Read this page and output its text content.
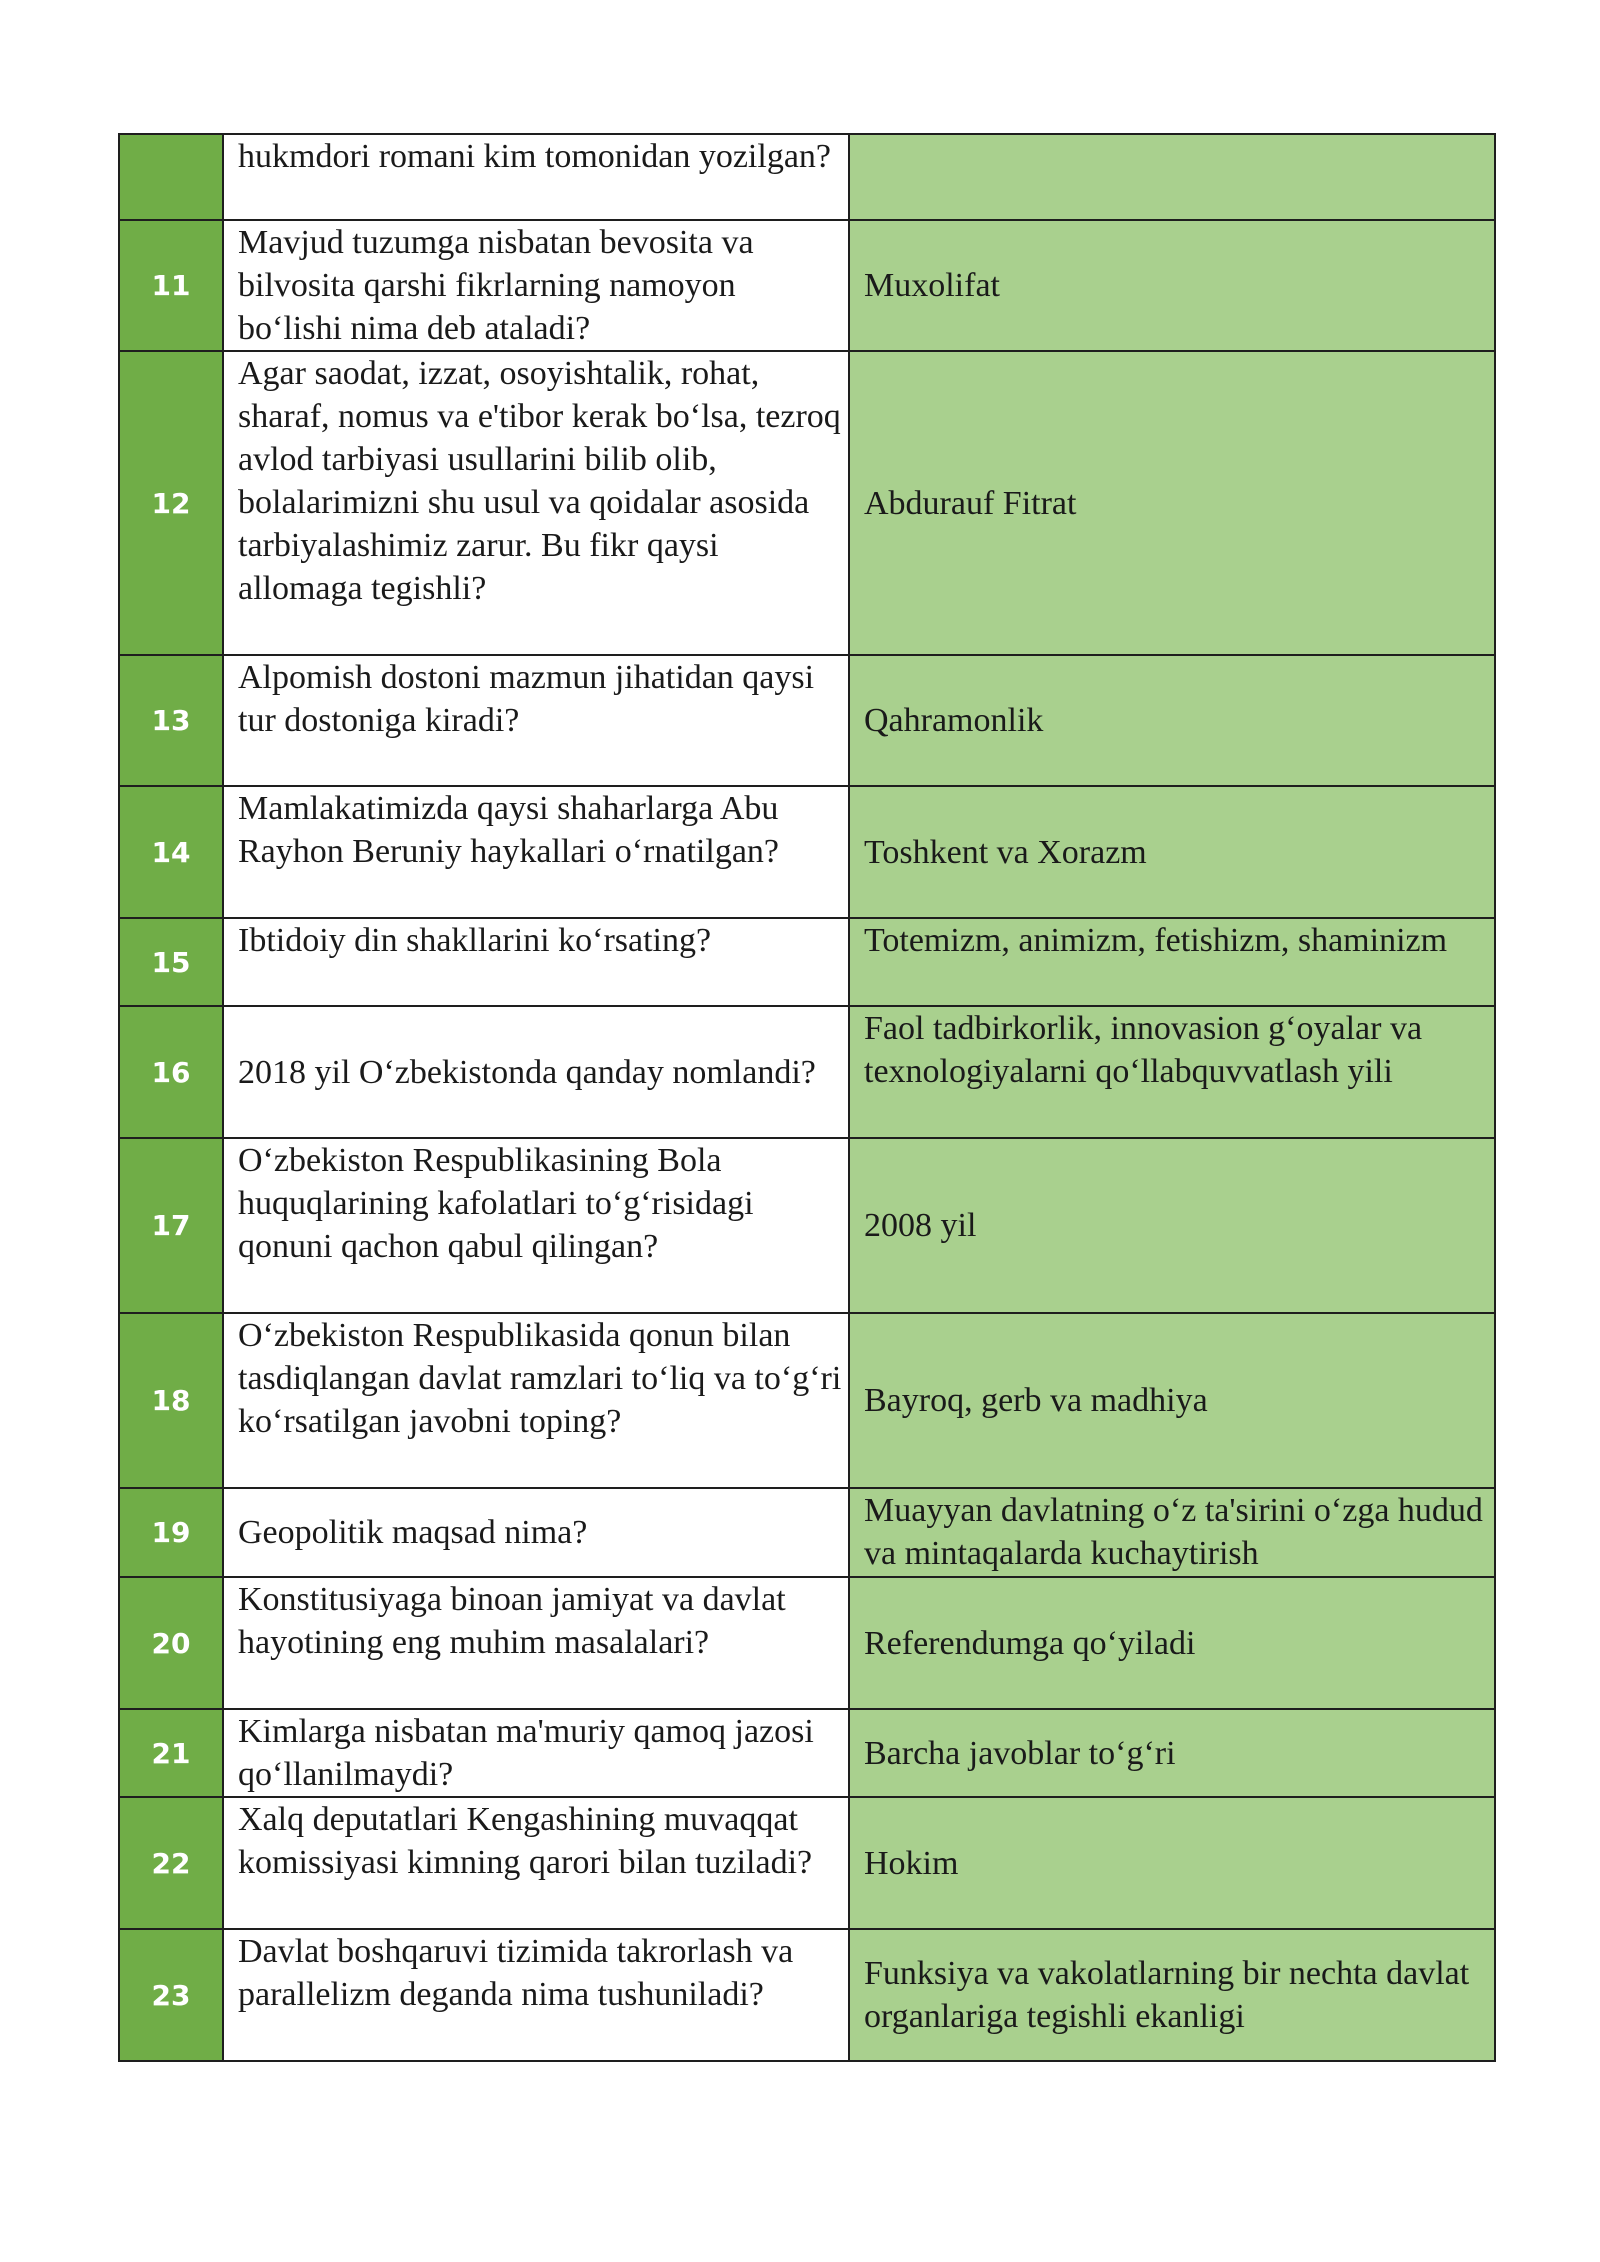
	hukmdori romani kim tomonidan yozilgan?	
11	Mavjud tuzumga nisbatan bevosita va bilvosita qarshi fikrlarning namoyon bo‘lishi nima deb ataladi?	Muxolifat
12	Agar saodat, izzat, osoyishtalik, rohat, sharaf, nomus va e'tibor kerak bo‘lsa, tezroq avlod tarbiyasi usullarini bilib olib, bolalarimizni shu usul va qoidalar asosida tarbiyalashimiz zarur. Bu fikr qaysi allomaga tegishli?	Abdurauf Fitrat
13	Alpomish dostoni mazmun jihatidan qaysi tur dostoniga kiradi?	Qahramonlik
14	Mamlakatimizda qaysi shaharlarga Abu Rayhon Beruniy haykallari o‘rnatilgan?	Toshkent va Xorazm
15	Ibtidoiy din shakllarini ko‘rsating?	Totemizm, animizm, fetishizm, shaminizm
16	2018 yil O‘zbekistonda qanday nomlandi?	Faol tadbirkorlik, innovasion g‘oyalar va texnologiyalarni qo‘llabquvvatlash yili
17	O‘zbekiston Respublikasining Bola huquqlarining kafolatlari to‘g‘risidagi qonuni qachon qabul qilingan?	2008 yil
18	O‘zbekiston Respublikasida qonun bilan tasdiqlangan davlat ramzlari to‘liq va to‘g‘ri ko‘rsatilgan javobni toping?	Bayroq, gerb va madhiya
19	Geopolitik maqsad nima?	Muayyan davlatning o‘z ta'sirini o‘zga hudud va mintaqalarda kuchaytirish
20	Konstitusiyaga binoan jamiyat va davlat hayotining eng muhim masalalari?	Referendumga qo‘yiladi
21	Kimlarga nisbatan ma'muriy qamoq jazosi qo‘llanilmaydi?	Barcha javoblar to‘g‘ri
22	Xalq deputatlari Kengashining muvaqqat komissiyasi kimning qarori bilan tuziladi?	Hokim
23	Davlat boshqaruvi tizimida takrorlash va parallelizm deganda nima tushuniladi?	Funksiya va vakolatlarning bir nechta davlat organlariga tegishli ekanligi
